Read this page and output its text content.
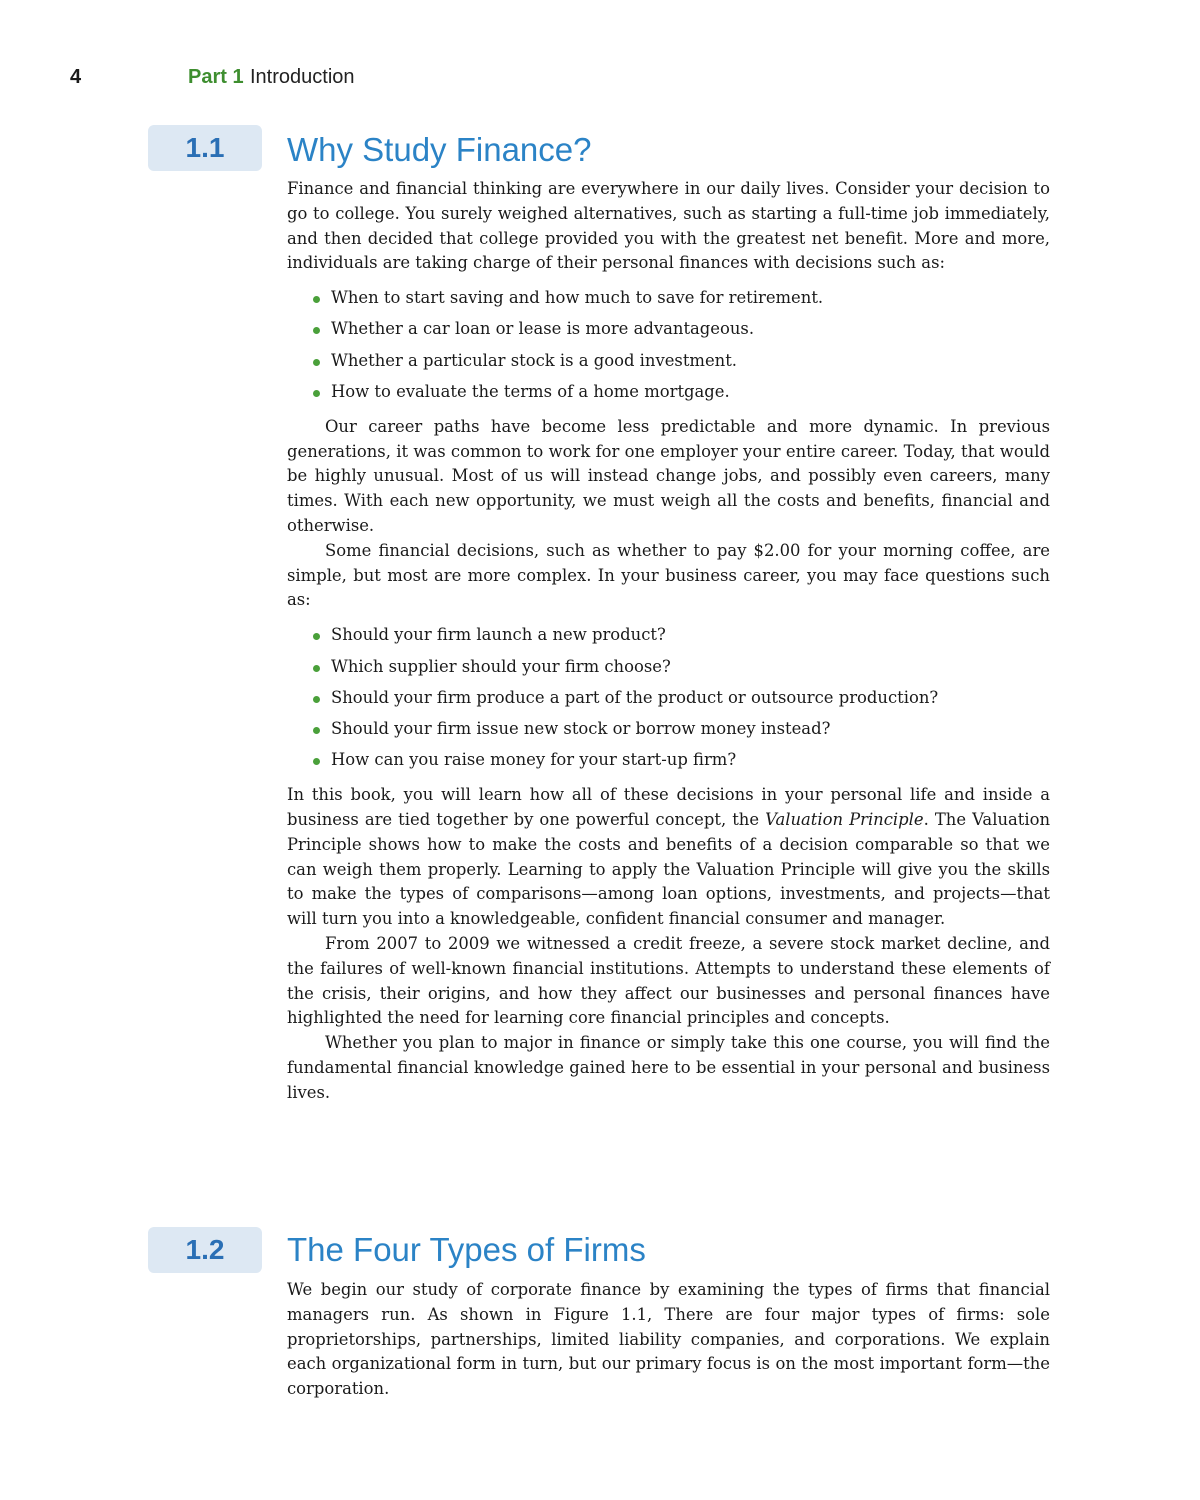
4	Part 1 Introduction
1.1	Why Study Finance?

Finance and financial thinking are everywhere in our daily lives. Consider your decision to go to college. You surely weighed alternatives, such as starting a full-time job immediately, and then decided that college provided you with the greatest net benefit. More and more, individuals are taking charge of their personal finances with decisions such as:

When to start saving and how much to save for retirement.
Whether a car loan or lease is more advantageous.
Whether a particular stock is a good investment.
How to evaluate the terms of a home mortgage.

Our career paths have become less predictable and more dynamic. In previous generations, it was common to work for one employer your entire career. Today, that would be highly unusual. Most of us will instead change jobs, and possibly even careers, many times. With each new opportunity, we must weigh all the costs and benefits, financial and otherwise.

Some financial decisions, such as whether to pay $2.00 for your morning coffee, are simple, but most are more complex. In your business career, you may face questions such as:

Should your firm launch a new product?
Which supplier should your firm choose?
Should your firm produce a part of the product or outsource production?
Should your firm issue new stock or borrow money instead?
How can you raise money for your start-up firm?

In this book, you will learn how all of these decisions in your personal life and inside a business are tied together by one powerful concept, the Valuation Principle. The Valuation Principle shows how to make the costs and benefits of a decision comparable so that we can weigh them properly. Learning to apply the Valuation Principle will give you the skills to make the types of comparisons—among loan options, investments, and projects—that will turn you into a knowledgeable, confident financial consumer and manager.

From 2007 to 2009 we witnessed a credit freeze, a severe stock market decline, and the failures of well-known financial institutions. Attempts to understand these elements of the crisis, their origins, and how they affect our businesses and personal finances have highlighted the need for learning core financial principles and concepts.

Whether you plan to major in finance or simply take this one course, you will find the fundamental financial knowledge gained here to be essential in your personal and business lives.

1.2	The Four Types of Firms

We begin our study of corporate finance by examining the types of firms that financial managers run. As shown in Figure 1.1, There are four major types of firms: sole proprietorships, partnerships, limited liability companies, and corporations. We explain each organizational form in turn, but our primary focus is on the most important form—the corporation.
